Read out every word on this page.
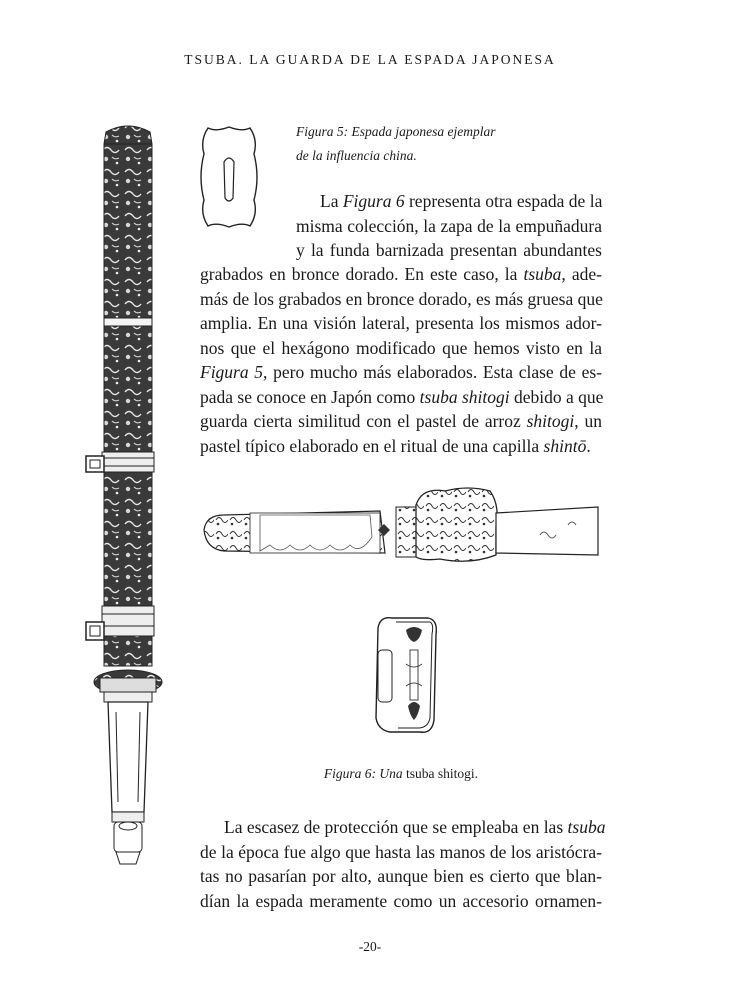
TSUBA. LA GUARDA DE LA ESPADA JAPONESA
Figura 5: Espada japonesa ejemplar
de la influencia china.
La Figura 6 representa otra espada de la
misma colección, la zapa de la empuñadura
y la funda barnizada presentan abundantes
grabados en bronce dorado. En este caso, la tsuba, ade-
más de los grabados en bronce dorado, es más gruesa que
amplia. En una visión lateral, presenta los mismos ador-
nos que el hexágono modificado que hemos visto en la
Figura 5, pero mucho más elaborados. Esta clase de es-
pada se conoce en Japón como tsuba shitogi debido a que
guarda cierta similitud con el pastel de arroz shitogi, un
pastel típico elaborado en el ritual de una capilla shintō.
Figura 6: Una tsuba shitogi.
La escasez de protección que se empleaba en las tsuba
de la época fue algo que hasta las manos de los aristócra-
tas no pasarían por alto, aunque bien es cierto que blan-
dían la espada meramente como un accesorio ornamen-
-20-
